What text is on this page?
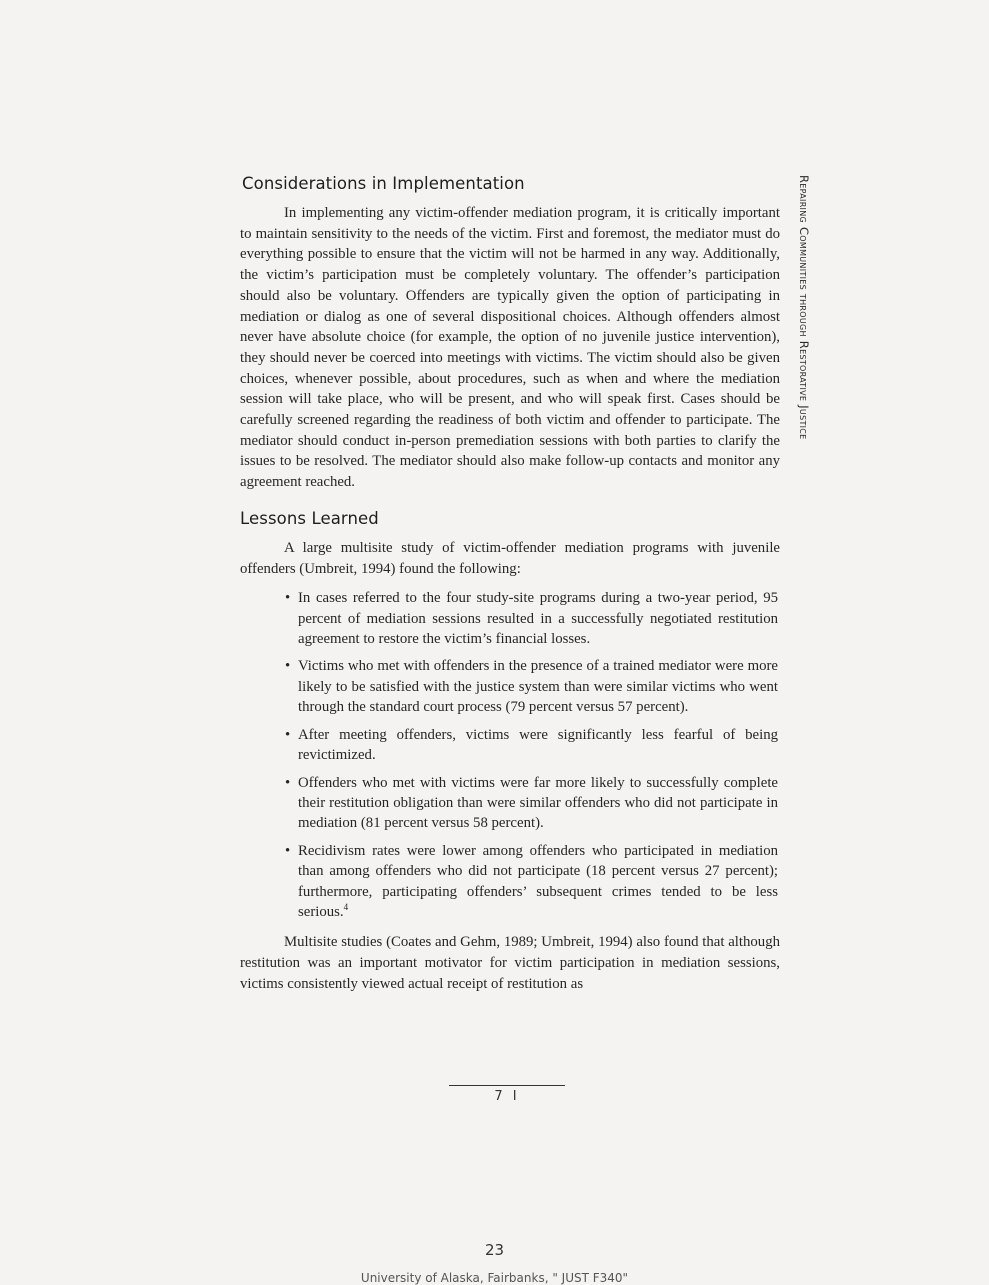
Considerations in Implementation

In implementing any victim-offender mediation program, it is critically important to maintain sensitivity to the needs of the victim. First and foremost, the mediator must do everything possible to ensure that the victim will not be harmed in any way. Additionally, the victim’s participation must be completely voluntary. The offender’s participation should also be voluntary. Offenders are typically given the option of participating in mediation or dialog as one of several dispositional choices. Although offenders almost never have absolute choice (for example, the option of no juvenile justice intervention), they should never be coerced into meetings with victims. The victim should also be given choices, whenever possible, about procedures, such as when and where the mediation session will take place, who will be present, and who will speak first. Cases should be carefully screened regarding the readiness of both victim and offender to participate. The mediator should conduct in-person premediation sessions with both parties to clarify the issues to be resolved. The mediator should also make follow-up contacts and monitor any agreement reached.

Lessons Learned

A large multisite study of victim-offender mediation programs with juvenile offenders (Umbreit, 1994) found the following:

• In cases referred to the four study-site programs during a two-year period, 95 percent of mediation sessions resulted in a successfully negotiated restitution agreement to restore the victim’s financial losses.
• Victims who met with offenders in the presence of a trained mediator were more likely to be satisfied with the justice system than were similar victims who went through the standard court process (79 percent versus 57 percent).
• After meeting offenders, victims were significantly less fearful of being revictimized.
• Offenders who met with victims were far more likely to successfully complete their restitution obligation than were similar offenders who did not participate in mediation (81 percent versus 58 percent).
• Recidivism rates were lower among offenders who participated in mediation than among offenders who did not participate (18 percent versus 27 percent); furthermore, participating offenders’ subsequent crimes tended to be less serious.$^4$

Multisite studies (Coates and Gehm, 1989; Umbreit, 1994) also found that although restitution was an important motivator for victim participation in mediation sessions, victims consistently viewed actual receipt of restitution as

Repairing Communities through Restorative Justice
7 I
23
University of Alaska, Fairbanks, " JUST F340"
